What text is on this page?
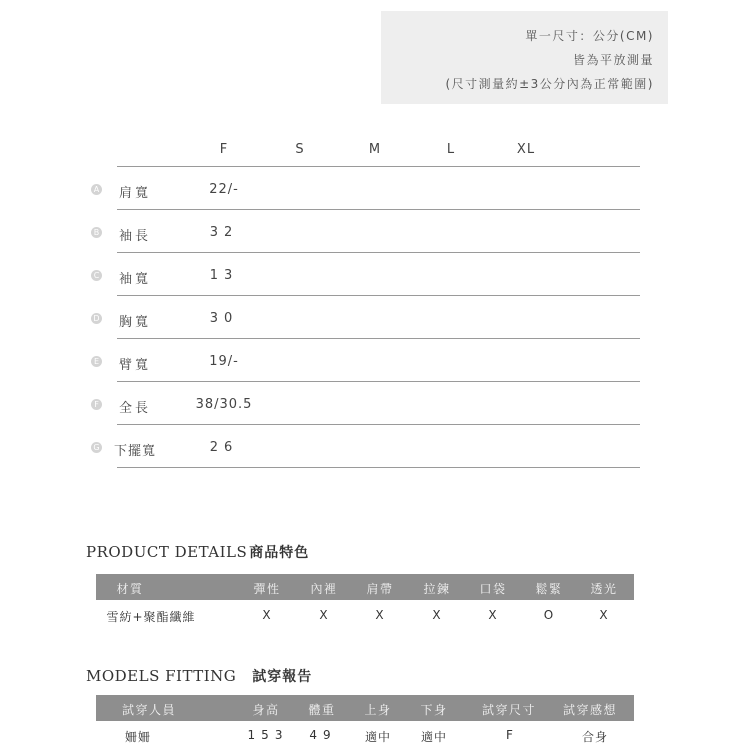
單一尺寸：公分(CM)
皆為平放測量
(尺寸測量約±3公分內為正常範圍)
F	S	M	L	XL
A 肩寬	22/-
B 袖長	32
C 袖寬	13
D 胸寬	30
E 臂寬	19/-
F 全長	38/30.5
G 下擺寬	26
PRODUCT DETAILS 商品特色
材質	彈性 內裡 肩帶 拉鍊 口袋 鬆緊 透光
雪紡+聚酯纖維	X	X	X	X	X	O	X
MODELS FITTING 試穿報告
試穿人員	身高 體重 上身 下身	試穿尺寸 試穿感想
姍姍	153 49 適中 適中	F	合身
